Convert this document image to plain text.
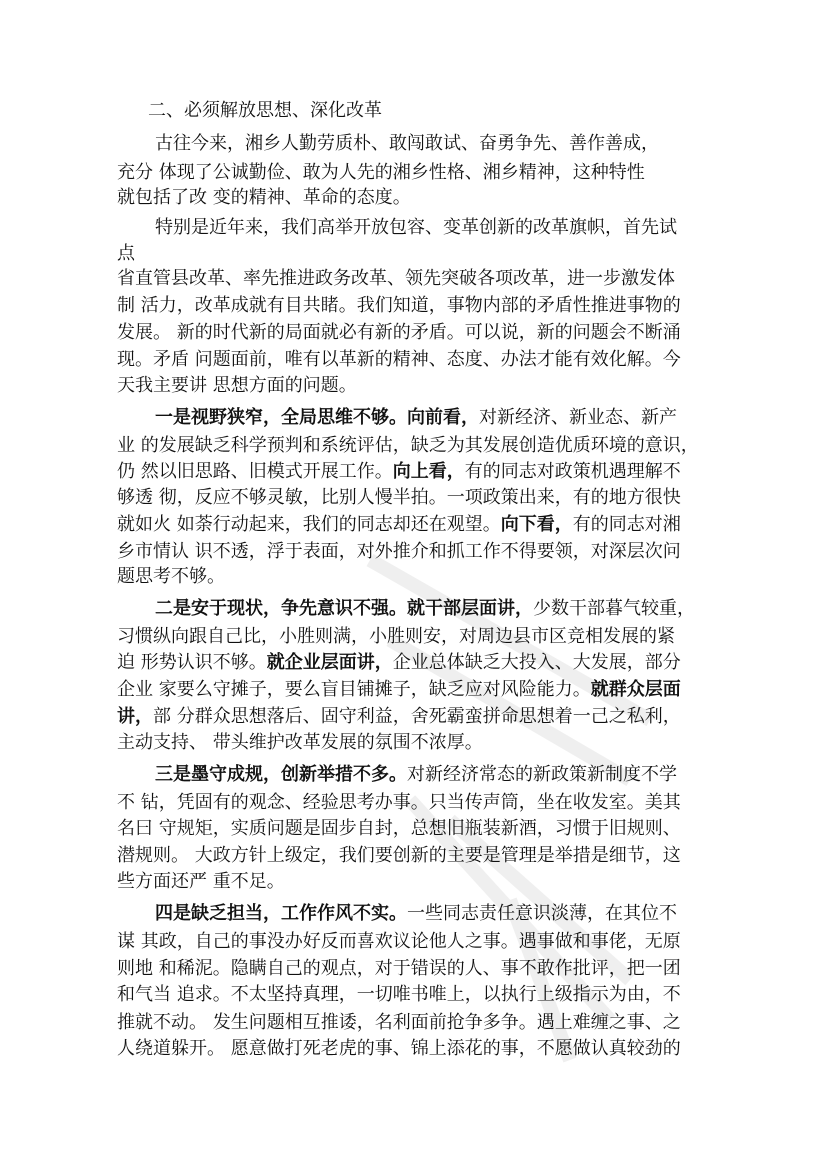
二、必须解放思想、深化改革
古往今来，湘乡人勤劳质朴、敢闯敢试、奋勇争先、善作善成，
充分 体现了公诚勤俭、敢为人先的湘乡性格、湘乡精神，这种特性
就包括了改 变的精神、革命的态度。
特别是近年来，我们高举开放包容、变革创新的改革旗帜，首先试
点
省直管县改革、率先推进政务改革、领先突破各项改革，进一步激发体
制 活力，改革成就有目共睹。我们知道，事物内部的矛盾性推进事物的
发展。 新的时代新的局面就必有新的矛盾。可以说，新的问题会不断涌
现。矛盾 问题面前，唯有以革新的精神、态度、办法才能有效化解。今
天我主要讲 思想方面的问题。
一是视野狭窄，全局思维不够。向前看，对新经济、新业态、新产
业 的发展缺乏科学预判和系统评估，缺乏为其发展创造优质环境的意识，
仍 然以旧思路、旧模式开展工作。向上看，有的同志对政策机遇理解不
够透 彻，反应不够灵敏，比别人慢半拍。一项政策出来，有的地方很快
就如火 如荼行动起来，我们的同志却还在观望。向下看，有的同志对湘
乡市情认 识不透，浮于表面，对外推介和抓工作不得要领，对深层次问
题思考不够。
二是安于现状，争先意识不强。就干部层面讲，少数干部暮气较重，
习惯纵向跟自己比，小胜则满，小胜则安，对周边县市区竞相发展的紧
迫 形势认识不够。就企业层面讲，企业总体缺乏大投入、大发展，部分
企业 家要么守摊子，要么盲目铺摊子，缺乏应对风险能力。就群众层面
讲，部 分群众思想落后、固守利益，舍死霸蛮拼命思想着一己之私利，
主动支持、 带头维护改革发展的氛围不浓厚。
三是墨守成规，创新举措不多。对新经济常态的新政策新制度不学
不 钻，凭固有的观念、经验思考办事。只当传声筒，坐在收发室。美其
名曰 守规矩，实质问题是固步自封，总想旧瓶装新酒，习惯于旧规则、
潜规则。 大政方针上级定，我们要创新的主要是管理是举措是细节，这
些方面还严 重不足。
四是缺乏担当，工作作风不实。一些同志责任意识淡薄，在其位不
谋 其政，自己的事没办好反而喜欢议论他人之事。遇事做和事佬，无原
则地 和稀泥。隐瞒自己的观点，对于错误的人、事不敢作批评，把一团
和气当 追求。不太坚持真理，一切唯书唯上，以执行上级指示为由，不
推就不动。 发生问题相互推诿，名利面前抢争多争。遇上难缠之事、之
人绕道躲开。 愿意做打死老虎的事、锦上添花的事，不愿做认真较劲的
